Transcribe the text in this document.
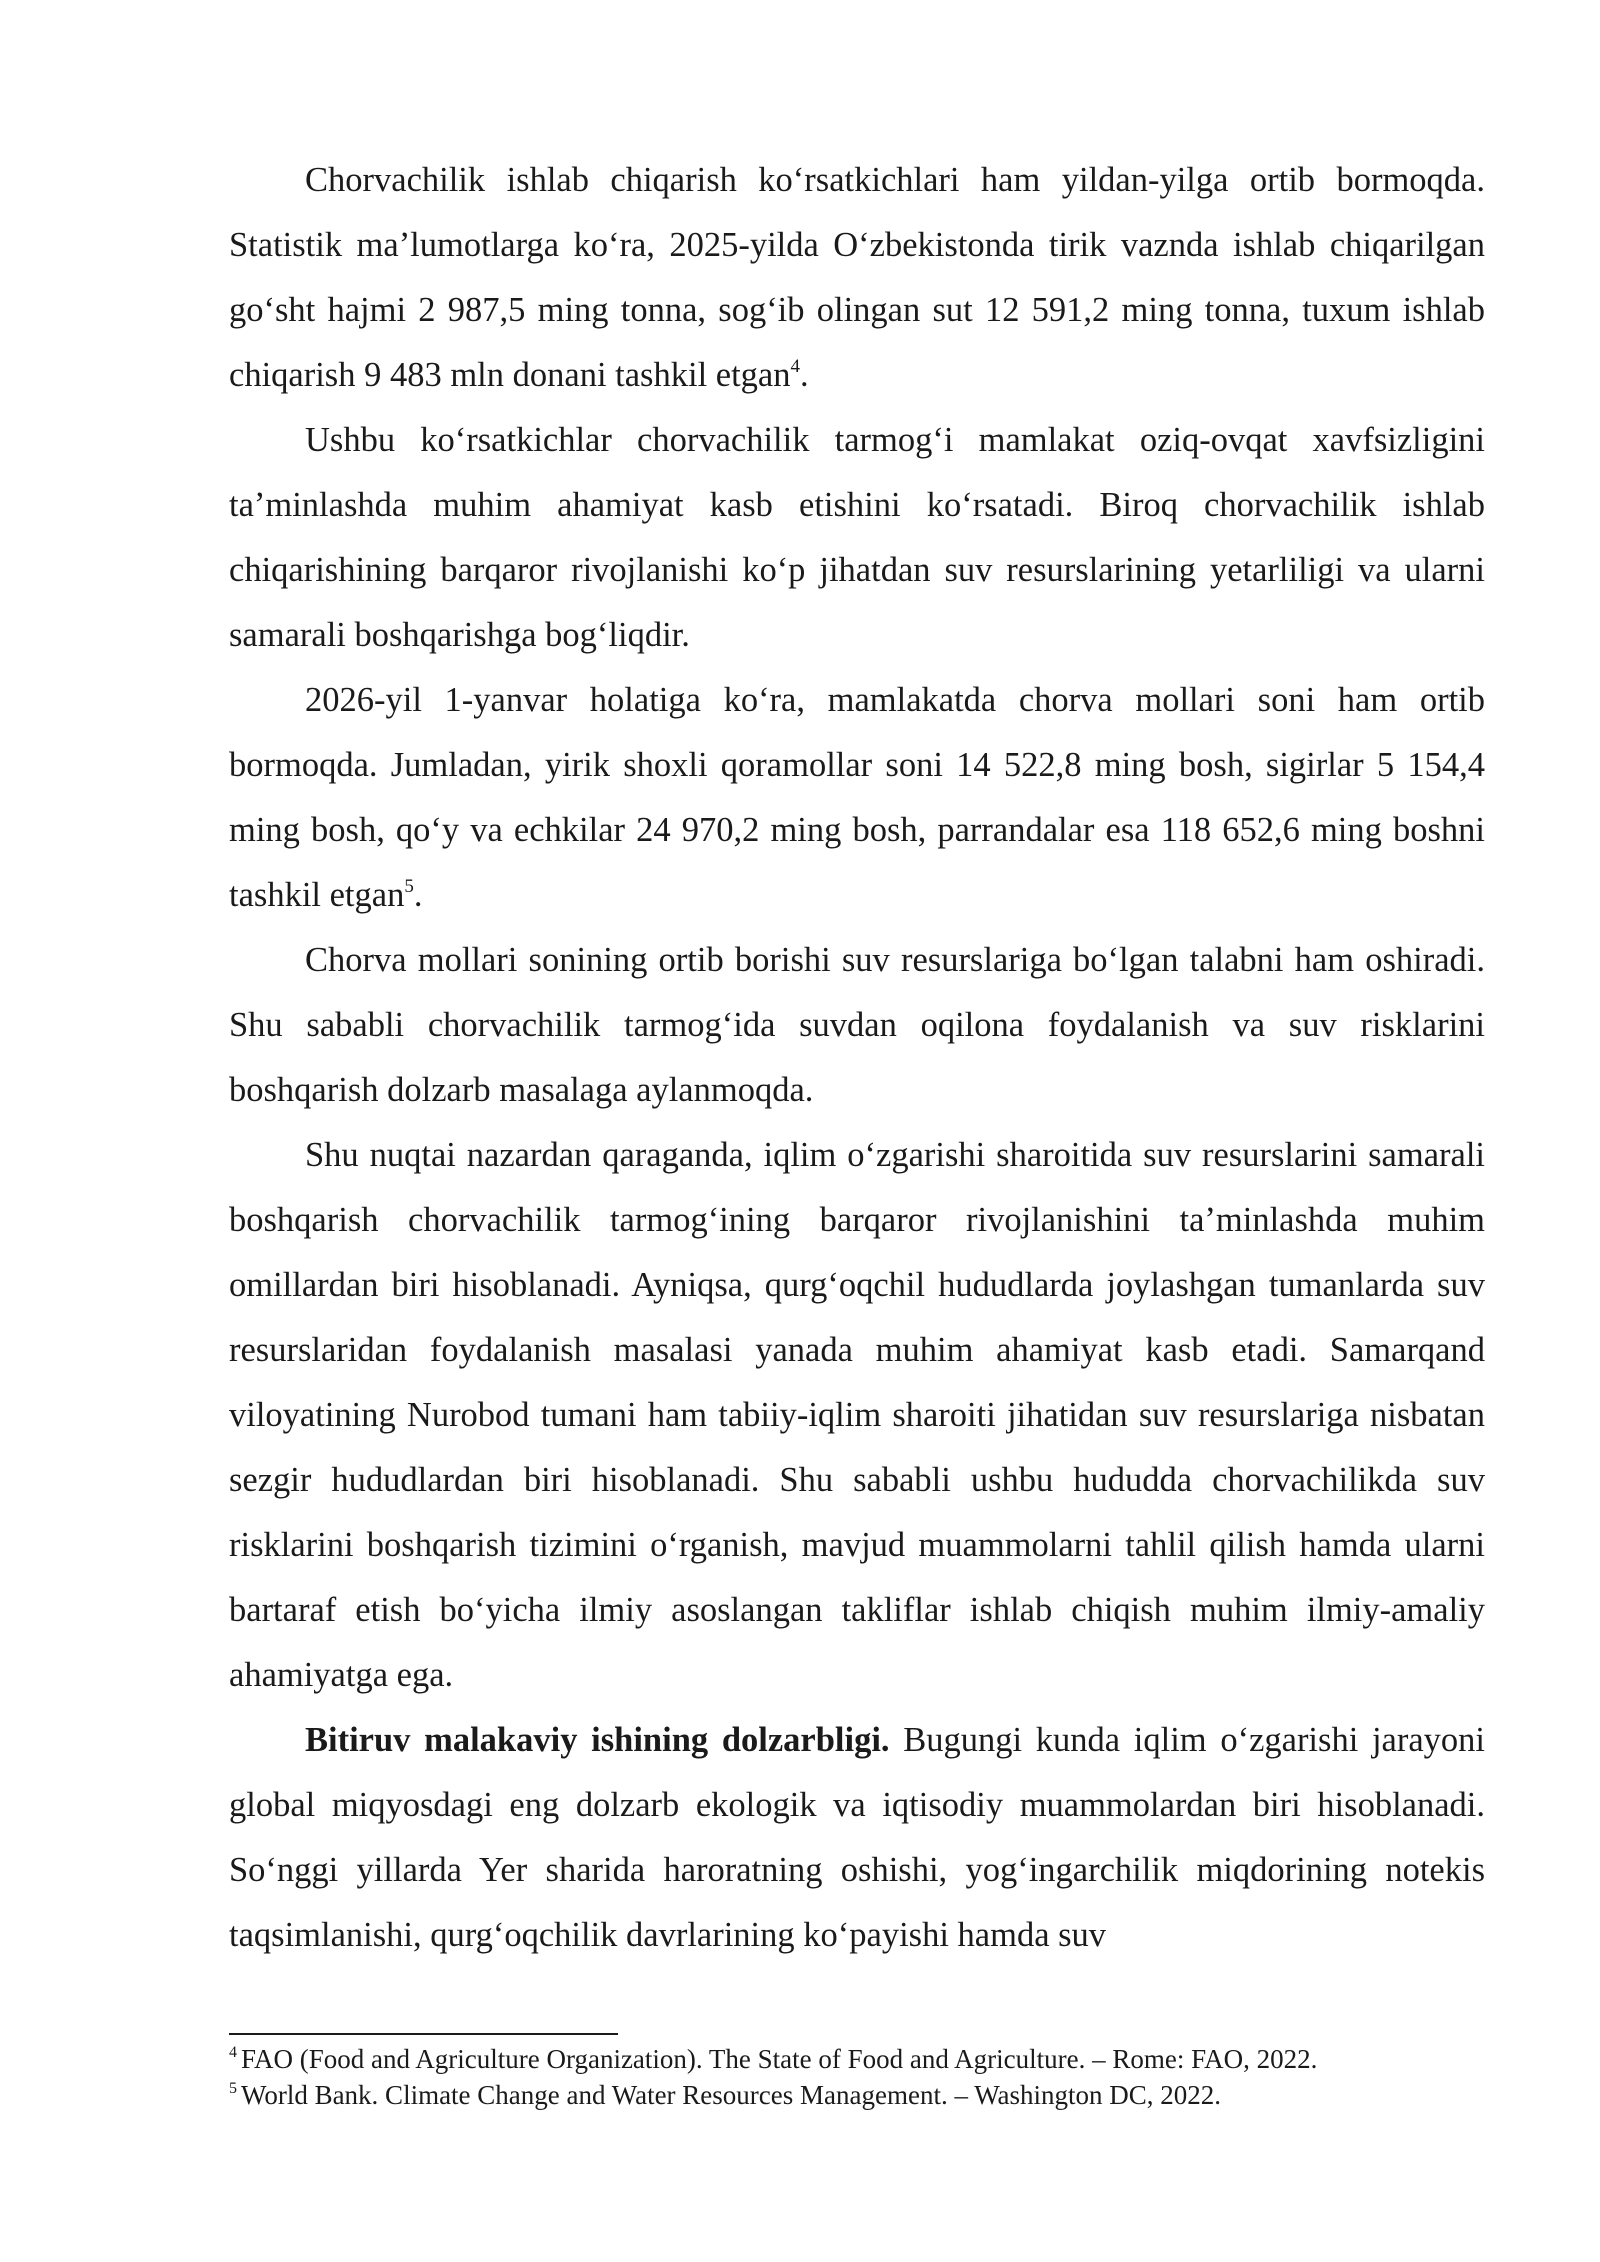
Chorvachilik ishlab chiqarish koʻrsatkichlari ham yildan-yilga ortib bormoqda. Statistik maʼlumotlarga koʻra, 2025-yilda Oʻzbekistonda tirik vaznda ishlab chiqarilgan goʻsht hajmi 2 987,5 ming tonna, sogʻib olingan sut 12 591,2 ming tonna, tuxum ishlab chiqarish 9 483 mln donani tashkil etgan$^4$.

Ushbu koʻrsatkichlar chorvachilik tarmogʻi mamlakat oziq-ovqat xavfsizligini taʼminlashda muhim ahamiyat kasb etishini koʻrsatadi. Biroq chorvachilik ishlab chiqarishining barqaror rivojlanishi koʻp jihatdan suv resurslarining yetarliligi va ularni samarali boshqarishga bogʻliqdir.

2026-yil 1-yanvar holatiga koʻra, mamlakatda chorva mollari soni ham ortib bormoqda. Jumladan, yirik shoxli qoramollar soni 14 522,8 ming bosh, sigirlar 5 154,4 ming bosh, qoʻy va echkilar 24 970,2 ming bosh, parrandalar esa 118 652,6 ming boshni tashkil etgan$^5$.

Chorva mollari sonining ortib borishi suv resurslariga boʻlgan talabni ham oshiradi. Shu sababli chorvachilik tarmogʻida suvdan oqilona foydalanish va suv risklarini boshqarish dolzarb masalaga aylanmoqda.

Shu nuqtai nazardan qaraganda, iqlim oʻzgarishi sharoitida suv resurslarini samarali boshqarish chorvachilik tarmogʻining barqaror rivojlanishini taʼminlashda muhim omillardan biri hisoblanadi. Ayniqsa, qurgʻoqchil hududlarda joylashgan tumanlarda suv resurslaridan foydalanish masalasi yanada muhim ahamiyat kasb etadi. Samarqand viloyatining Nurobod tumani ham tabiiy-iqlim sharoiti jihatidan suv resurslariga nisbatan sezgir hududlardan biri hisoblanadi. Shu sababli ushbu hududda chorvachilikda suv risklarini boshqarish tizimini oʻrganish, mavjud muammolarni tahlil qilish hamda ularni bartaraf etish boʻyicha ilmiy asoslangan takliflar ishlab chiqish muhim ilmiy-amaliy ahamiyatga ega.

Bitiruv malakaviy ishining dolzarbligi. Bugungi kunda iqlim oʻzgarishi jarayoni global miqyosdagi eng dolzarb ekologik va iqtisodiy muammolardan biri hisoblanadi. Soʻnggi yillarda Yer sharida haroratning oshishi, yogʻingarchilik miqdorining notekis taqsimlanishi, qurgʻoqchilik davrlarining koʻpayishi hamda suv

$^4$ FAO (Food and Agriculture Organization). The State of Food and Agriculture. – Rome: FAO, 2022.

$^5$ World Bank. Climate Change and Water Resources Management. – Washington DC, 2022.
